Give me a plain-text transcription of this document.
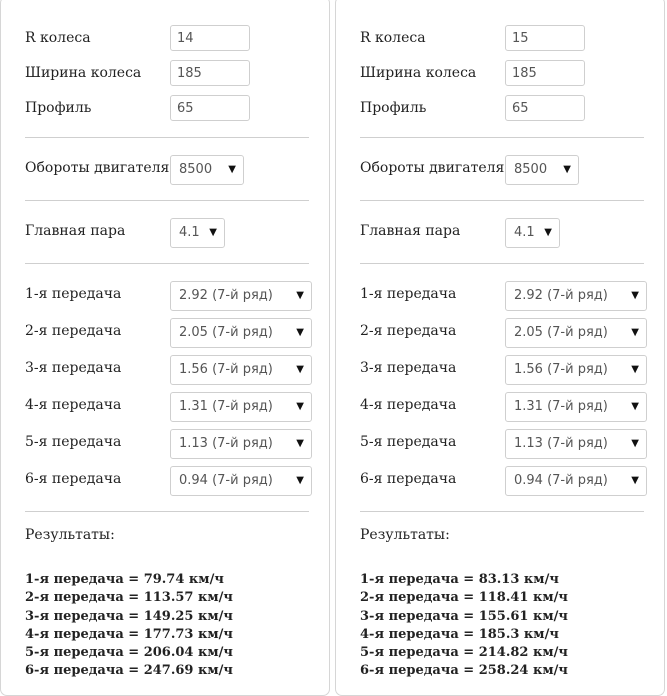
R колеса	14
Ширина колеса	185
Профиль	65
Обороты двигателя 8500 ▼
Главная пара	4.1 ▼
1-я передача	2.92 (7-й ряд) ▼
2-я передача	2.05 (7-й ряд) ▼
3-я передача	1.56 (7-й ряд) ▼
4-я передача	1.31 (7-й ряд) ▼
5-я передача	1.13 (7-й ряд) ▼
6-я передача	0.94 (7-й ряд) ▼
Результаты:
1-я передача = 79.74 км/ч
2-я передача = 113.57 км/ч
3-я передача = 149.25 км/ч
4-я передача = 177.73 км/ч
5-я передача = 206.04 км/ч
6-я передача = 247.69 км/ч
R колеса	15
Ширина колеса	185
Профиль	65
Обороты двигателя 8500 ▼
Главная пара	4.1 ▼
1-я передача	2.92 (7-й ряд) ▼
2-я передача	2.05 (7-й ряд) ▼
3-я передача	1.56 (7-й ряд) ▼
4-я передача	1.31 (7-й ряд) ▼
5-я передача	1.13 (7-й ряд) ▼
6-я передача	0.94 (7-й ряд) ▼
Результаты:
1-я передача = 83.13 км/ч
2-я передача = 118.41 км/ч
3-я передача = 155.61 км/ч
4-я передача = 185.3 км/ч
5-я передача = 214.82 км/ч
6-я передача = 258.24 км/ч
